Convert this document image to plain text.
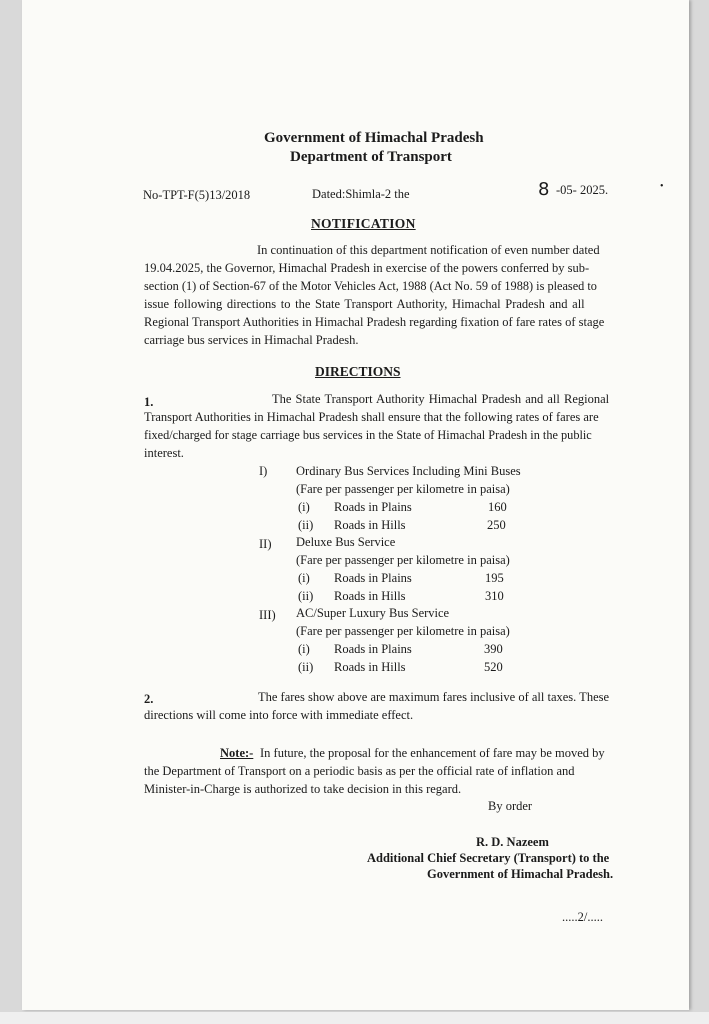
Government of Himachal Pradesh
Department of Transport
No-TPT-F(5)13/2018	Dated:Shimla-2 the	8 -05- 2025.	•
NOTIFICATION
In continuation of this department notification of even number dated
19.04.2025, the Governor, Himachal Pradesh in exercise of the powers conferred by sub-
section (1) of Section-67 of the Motor Vehicles Act, 1988 (Act No. 59 of 1988) is pleased to
issue following directions to the State Transport Authority, Himachal Pradesh and all
Regional Transport Authorities in Himachal Pradesh regarding fixation of fare rates of stage
carriage bus services in Himachal Pradesh.
DIRECTIONS
1.	The State Transport Authority Himachal Pradesh and all Regional
Transport Authorities in Himachal Pradesh shall ensure that the following rates of fares are
fixed/charged for stage carriage bus services in the State of Himachal Pradesh in the public
interest.
I) Ordinary Bus Services Including Mini Buses
(Fare per passenger per kilometre in paisa)
(i) Roads in Plains	160
(ii) Roads in Hills	250
II) Deluxe Bus Service
(Fare per passenger per kilometre in paisa)
(i) Roads in Plains	195
(ii) Roads in Hills	310
III) AC/Super Luxury Bus Service
(Fare per passenger per kilometre in paisa)
(i) Roads in Plains	390
(ii) Roads in Hills	520
2.	The fares show above are maximum fares inclusive of all taxes. These
directions will come into force with immediate effect.
Note:- In future, the proposal for the enhancement of fare may be moved by
the Department of Transport on a periodic basis as per the official rate of inflation and
Minister-in-Charge is authorized to take decision in this regard.
By order
R. D. Nazeem
Additional Chief Secretary (Transport) to the
Government of Himachal Pradesh.
.....2/.....
